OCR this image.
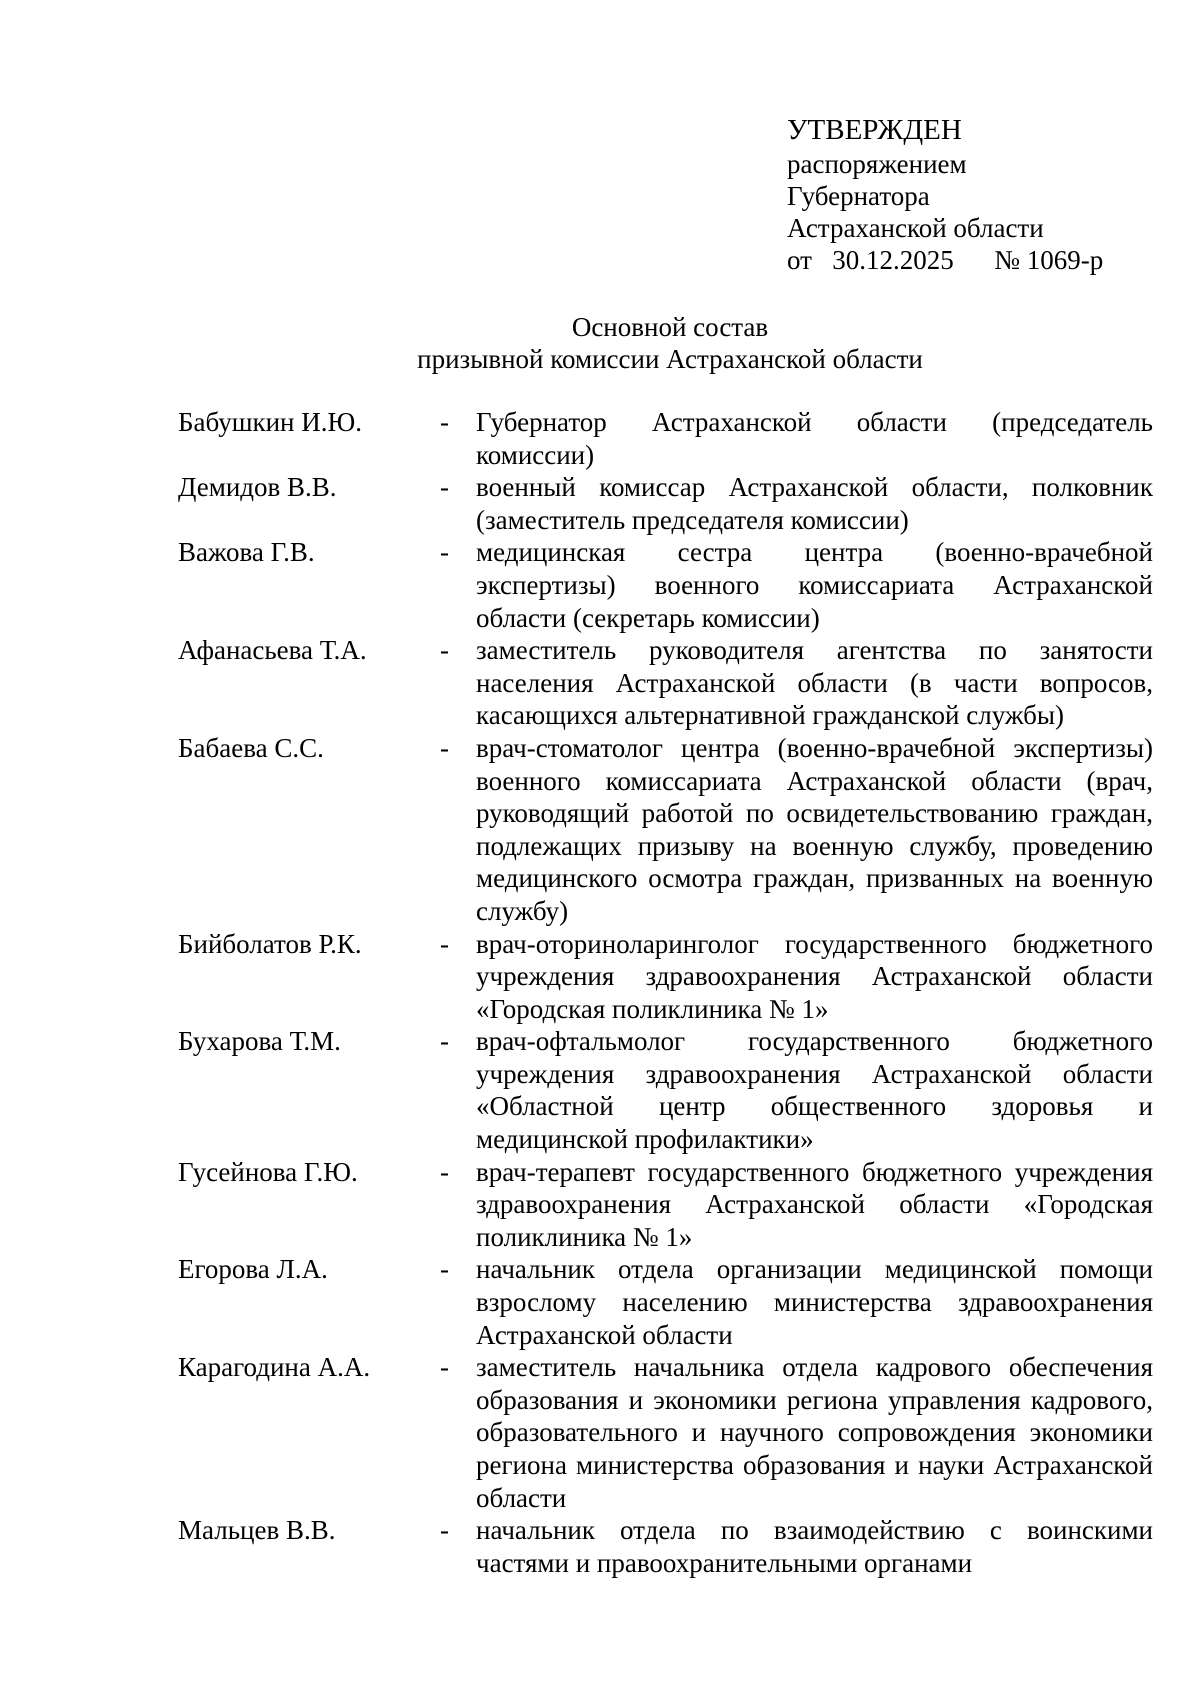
УТВЕРЖДЕН
распоряжением
Губернатора
Астраханской области
от   30.12.2025      № 1069-р
Основной состав
призывной комиссии Астраханской области
Бабушкин И.Ю.	-	Губернатор Астраханской области (председатель комиссии)
Демидов В.В.	-	военный комиссар Астраханской области, полковник (заместитель председателя комиссии)
Важова Г.В.	-	медицинская сестра центра (военно-врачебной экспертизы) военного комиссариата Астраханской области (секретарь комиссии)
Афанасьева Т.А.	-	заместитель руководителя агентства по занятости населения Астраханской области (в части вопросов, касающихся альтернативной гражданской службы)
Бабаева С.С.	-	врач-стоматолог центра (военно-врачебной экспертизы) военного комиссариата Астраханской области (врач, руководящий работой по освидетельствованию граждан, подлежащих призыву на военную службу, проведению медицинского осмотра граждан, призванных на военную службу)
Бийболатов Р.К.	-	врач-оториноларинголог государственного бюджетного учреждения здравоохранения Астраханской области «Городская поликлиника № 1»
Бухарова Т.М.	-	врач-офтальмолог государственного бюджетного учреждения здравоохранения Астраханской области «Областной центр общественного здоровья и медицинской профилактики»
Гусейнова Г.Ю.	-	врач-терапевт государственного бюджетного учреждения здравоохранения Астраханской области «Городская поликлиника № 1»
Егорова Л.А.	-	начальник отдела организации медицинской помощи взрослому населению министерства здравоохранения Астраханской области
Карагодина А.А.	-	заместитель начальника отдела кадрового обеспечения образования и экономики региона управления кадрового, образовательного и научного сопровождения экономики региона министерства образования и науки Астраханской области
Мальцев В.В.	-	начальник отдела по взаимодействию с воинскими частями и правоохранительными органами
